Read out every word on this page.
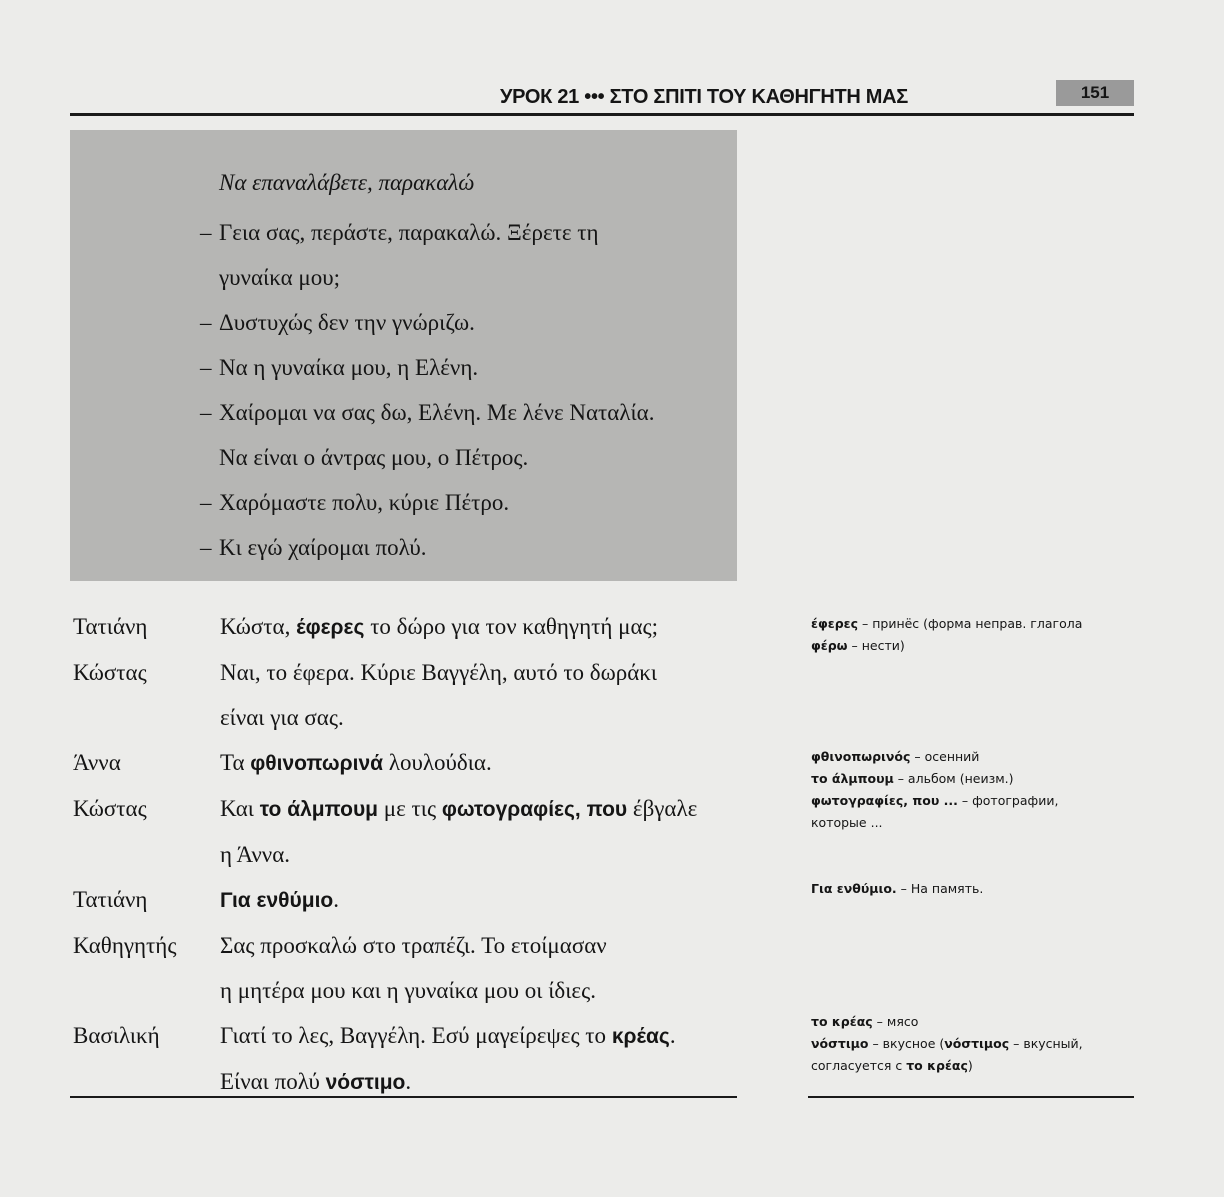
УРОК 21 ••• ΣΤΟ ΣΠΙΤΙ ΤΟΥ ΚΑΘΗΓΗΤΗ ΜΑΣ	151
Να επαναλάβετε, παρακαλώ
– Γεια σας, περάστε, παρακαλώ. Ξέρετε τη
γυναίκα μου;
– Δυστυχώς δεν την γνώριζω.
– Να η γυναίκα μου, η Ελένη.
– Χαίρομαι να σας δω, Ελένη. Με λένε Ναταλία.
Να είναι ο άντρας μου, ο Πέτρος.
– Χαρόμαστε πολυ, κύριε Πέτρο.
– Κι εγώ χαίρομαι πολύ.
Τατιάνη	Κώστα, έφερες το δώρο για τον καθηγητή μας;
Κώστας	Ναι, το έφερα. Κύριε Βαγγέλη, αυτό το δωράκι
είναι για σας.
Άννα	Τα φθινοπωρινά λουλούδια.
Κώστας	Και το άλμπουμ με τις φωτογραφίες, που έβγαλε
η Άννα.
Τατιάνη	Για ενθύμιο.
Καθηγητής Σας προσκαλώ στο τραπέζι. Το ετοίμασαν
η μητέρα μου και η γυναίκα μου οι ίδιες.
Βασιλική	Γιατί το λες, Βαγγέλη. Εσύ μαγείρεψες το κρέας.
Είναι πολύ νόστιμο.
έφερες – принёс (форма неправ. глагола
φέρω – нести)
φθινοπωρινός – осенний
το άλμπουμ – альбом (неизм.)
φωτογραφίες, που ... – фотографии,
которые ...
Για ενθύμιο. – На память.
το κρέας – мясо
νόστιμο – вкусное (νόστιμος – вкусный,
согласуется с το κρέας)
